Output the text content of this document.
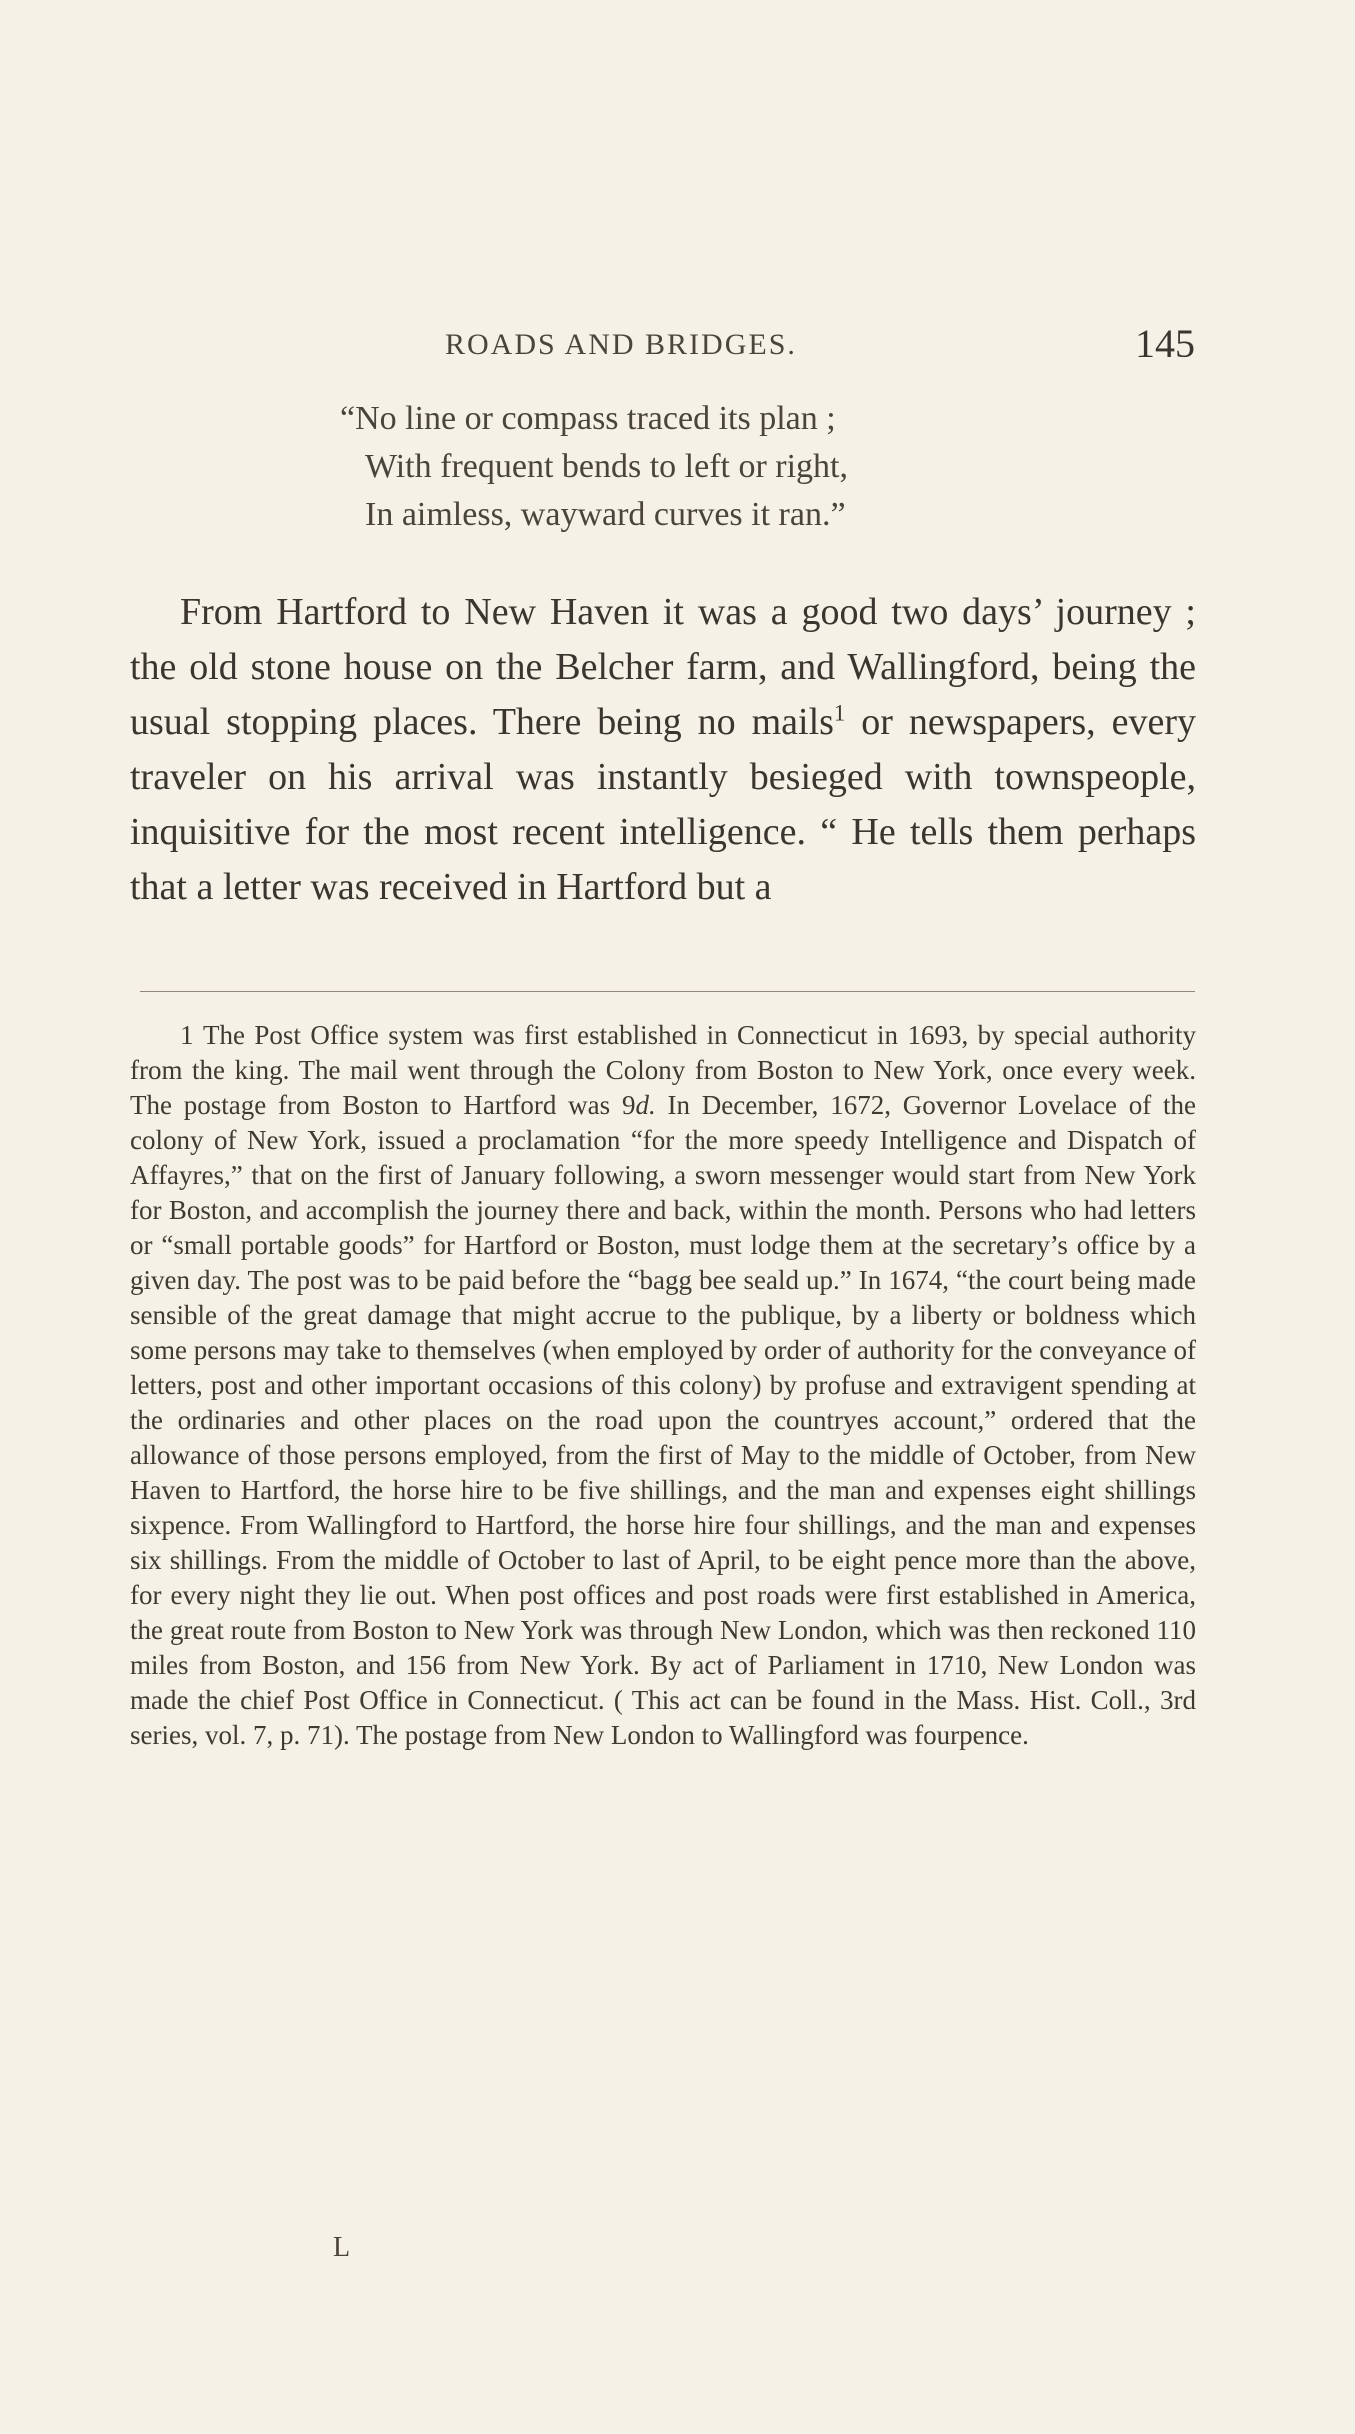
ROADS AND BRIDGES.	145
“No line or compass traced its plan ;
With frequent bends to left or right,
In aimless, wayward curves it ran.”

From Hartford to New Haven it was a good two days’ journey ; the old stone house on the Belcher farm, and Wallingford, being the usual stopping places. There being no mails$^1$ or newspapers, every traveler on his arrival was instantly besieged with townspeople, inquisitive for the most recent intelligence. “ He tells them perhaps that a letter was received in Hartford but a

1 The Post Office system was first established in Connecticut in 1693, by special authority from the king. The mail went through the Colony from Boston to New York, once every week. The postage from Boston to Hartford was 9d. In December, 1672, Governor Lovelace of the colony of New York, issued a proclamation “for the more speedy Intelligence and Dispatch of Affayres,” that on the first of January following, a sworn messenger would start from New York for Boston, and accomplish the journey there and back, within the month. Persons who had letters or “small portable goods” for Hartford or Boston, must lodge them at the secretary’s office by a given day. The post was to be paid before the “bagg bee seald up.” In 1674, “the court being made sensible of the great damage that might accrue to the publique, by a liberty or boldness which some persons may take to themselves (when employed by order of authority for the conveyance of letters, post and other important occasions of this colony) by profuse and extravigent spending at the ordinaries and other places on the road upon the countryes account,” ordered that the allowance of those persons employed, from the first of May to the middle of October, from New Haven to Hartford, the horse hire to be five shillings, and the man and expenses eight shillings sixpence. From Wallingford to Hartford, the horse hire four shillings, and the man and expenses six shillings. From the middle of October to last of April, to be eight pence more than the above, for every night they lie out. When post offices and post roads were first established in America, the great route from Boston to New York was through New London, which was then reckoned 110 miles from Boston, and 156 from New York. By act of Parliament in 1710, New London was made the chief Post Office in Connecticut. ( This act can be found in the Mass. Hist. Coll., 3rd series, vol. 7, p. 71). The postage from New London to Wallingford was fourpence.

L
